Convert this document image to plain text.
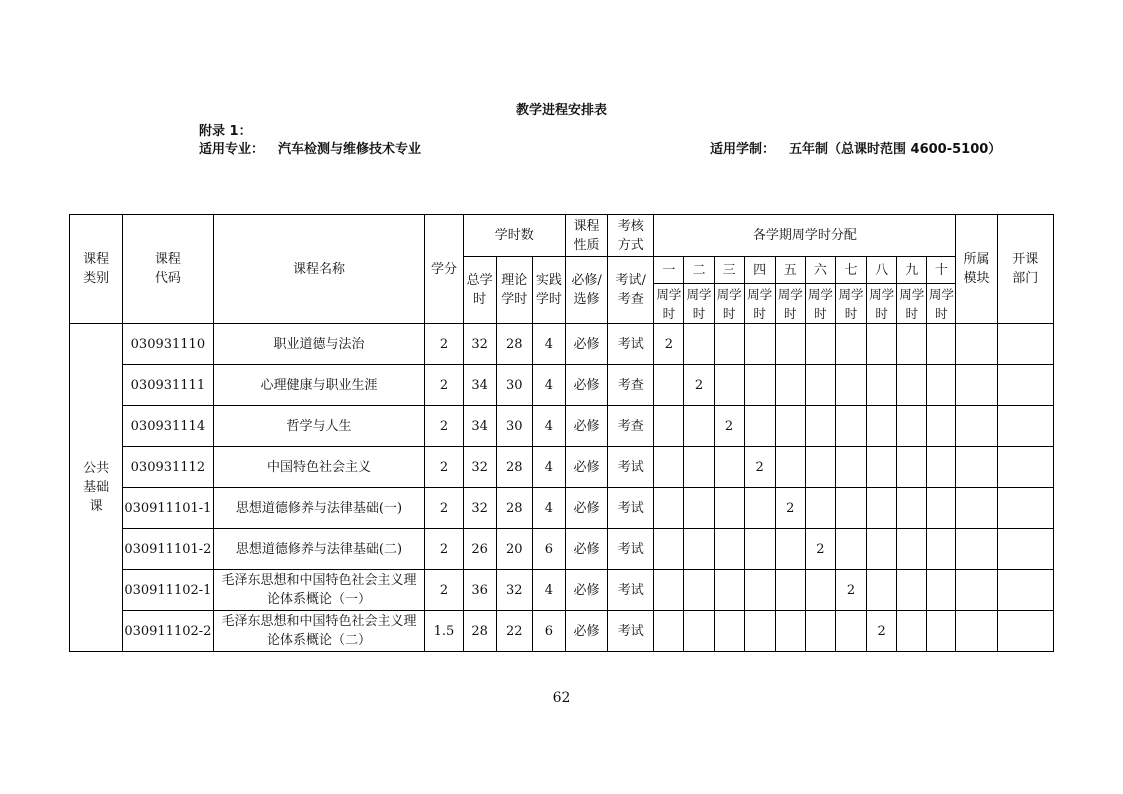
教学进程安排表
附录 1：
适用专业： 汽车检测与维修技术专业	适用学制： 五年制（总课时范围 4600-5100）
课程类别	课程代码	课程名称	学分	学时数			课程性质	考核方式	各学期周学时分配										所属模块	开课部门

				总学时	理论学时	实践学时	必修/选修	考试/考查	一	二	三	四	五	六	七	八	九	十		
									周学时	周学时	周学时	周学时	周学时	周学时	周学时	周学时	周学时	周学时		

公共基础课	030931110	职业道德与法治	2	32	28	4	必修	考试	2											
	030931111	心理健康与职业生涯	2	34	30	4	必修	考查		2										
	030931114	哲学与人生	2	34	30	4	必修	考查			2									
	030931112	中国特色社会主义	2	32	28	4	必修	考试				2								
	030911101-1	思想道德修养与法律基础(一)	2	32	28	4	必修	考试					2							
	030911101-2	思想道德修养与法律基础(二)	2	26	20	6	必修	考试						2						
	030911102-1	毛泽东思想和中国特色社会主义理论体系概论（一）	2	36	32	4	必修	考试							2					
	030911102-2	毛泽东思想和中国特色社会主义理论体系概论（二）	1.5	28	22	6	必修	考试								2				
62
